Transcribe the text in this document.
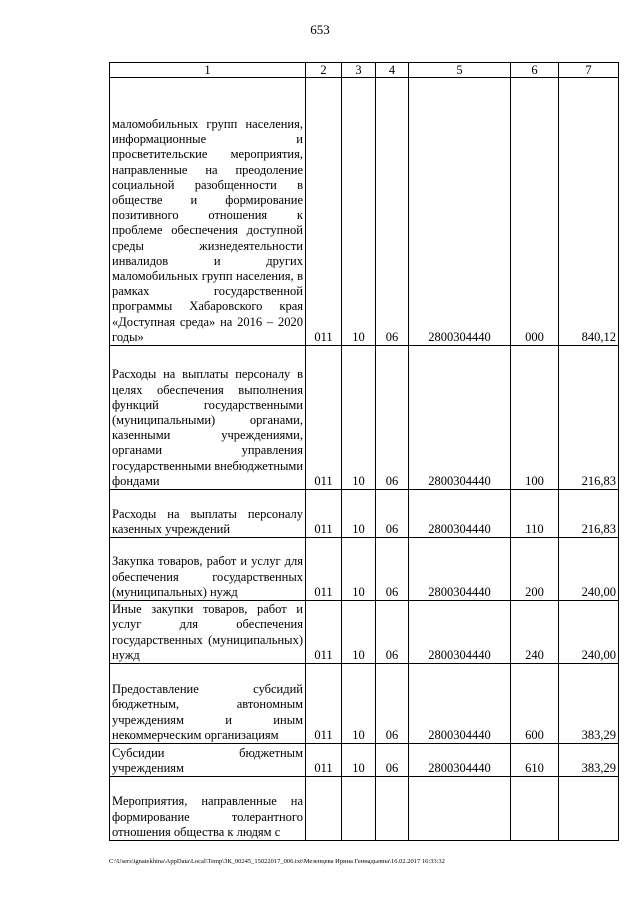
653
1	2	3	4	5	6	7
маломобильных групп населения, информационные и просветительские мероприятия, направленные на преодоление социальной разобщенности в обществе и формирование позитивного отношения к проблеме обеспечения доступной среды жизнедеятельности инвалидов и других маломобильных групп населения, в рамках государственной программы Хабаровского края «Доступная среда» на 2016 – 2020 годы»	011	10	06	2800304440	000	840,12
Расходы на выплаты персоналу в целях обеспечения выполнения функций государственными (муниципальными) органами, казенными учреждениями, органами управления государственными внебюджетными фондами	011	10	06	2800304440	100	216,83
Расходы на выплаты персоналу казенных учреждений	011	10	06	2800304440	110	216,83
Закупка товаров, работ и услуг для обеспечения государственных (муниципальных) нужд	011	10	06	2800304440	200	240,00
Иные закупки товаров, работ и услуг для обеспечения государственных (муниципальных) нужд	011	10	06	2800304440	240	240,00
Предоставление субсидий бюджетным, автономным учреждениям и иным некоммерческим организациям	011	10	06	2800304440	600	383,29
Субсидии бюджетным учреждениям	011	10	06	2800304440	610	383,29
Мероприятия, направленные на формирование толерантного отношения общества к людям с						
C:\Users\ignatekhina\AppData\Local\Temp\ЗК_00245_15022017_006.txt\Мезенцева Ирина Геннадьевна\16.02.2017 16:33:32
